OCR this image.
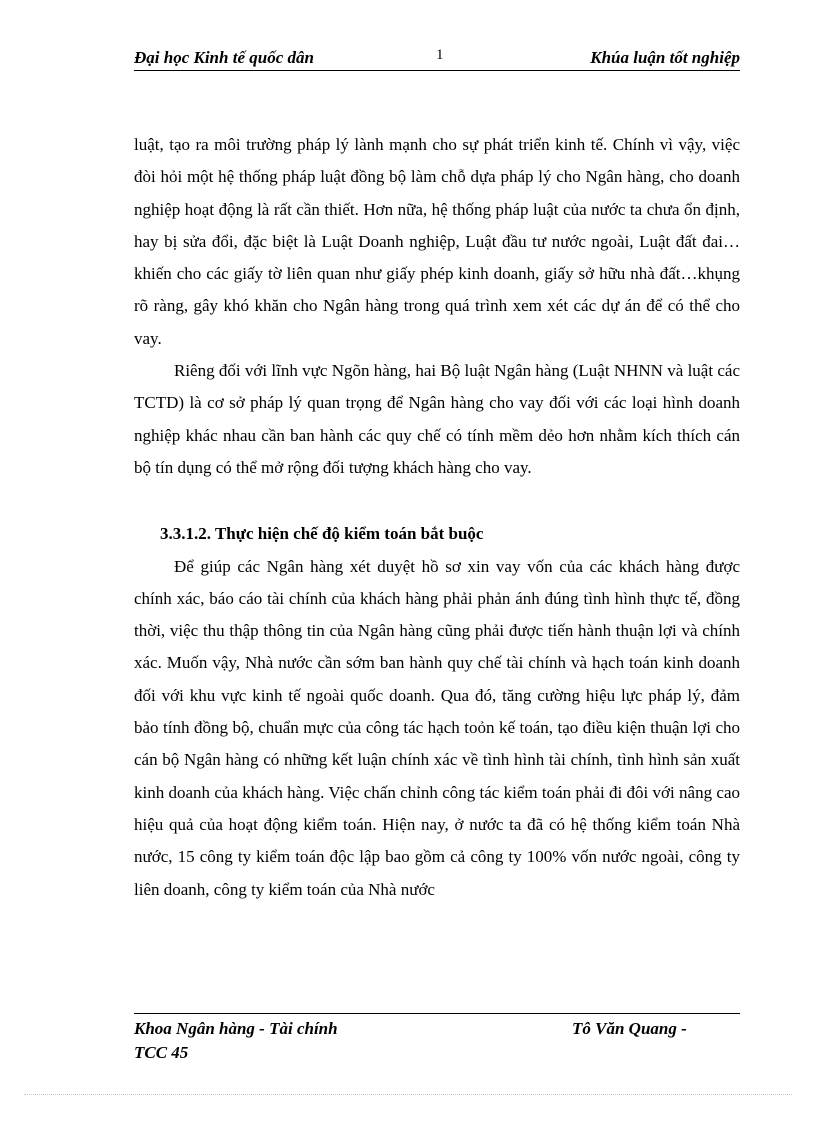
Đại học Kinh tế quốc dân	1	Khúa luận tốt nghiệp

luật, tạo ra môi trường pháp lý lành mạnh cho sự phát triển kinh tế. Chính vì vậy, việc đòi hỏi một hệ thống pháp luật đồng bộ làm chỗ dựa pháp lý cho Ngân hàng, cho doanh nghiệp hoạt động là rất cần thiết. Hơn nữa, hệ thống pháp luật của nước ta chưa ổn định, hay bị sửa đổi, đặc biệt là Luật Doanh nghiệp, Luật đầu tư nước ngoài, Luật đất đai… khiến cho các giấy tờ liên quan như giấy phép kinh doanh, giấy sở hữu nhà đất…khụng rõ ràng, gây khó khăn cho Ngân hàng trong quá trình xem xét các dự án để có thể cho vay.

Riêng đối với lĩnh vực Ngõn hàng, hai Bộ luật Ngân hàng (Luật NHNN và luật các TCTD) là cơ sở pháp lý quan trọng để Ngân hàng cho vay đối với các loại hình doanh nghiệp khác nhau cần ban hành các quy chế có tính mềm dẻo hơn nhằm kích thích cán bộ tín dụng có thể mở rộng đối tượng khách hàng cho vay.

3.3.1.2. Thực hiện chế độ kiểm toán bắt buộc

Để giúp các Ngân hàng xét duyệt hồ sơ xin vay vốn của các khách hàng được chính xác, báo cáo tài chính của khách hàng phải phản ánh đúng tình hình thực tế, đồng thời, việc thu thập thông tin của Ngân hàng cũng phải được tiến hành thuận lợi và chính xác. Muốn vậy, Nhà nước cần sớm ban hành quy chế tài chính và hạch toán kinh doanh đối với khu vực kinh tế ngoài quốc doanh. Qua đó, tăng cường hiệu lực pháp lý, đảm bảo tính đồng bộ, chuẩn mực của công tác hạch toỏn kế toán, tạo điều kiện thuận lợi cho cán bộ Ngân hàng có những kết luận chính xác về tình hình tài chính, tình hình sản xuất kinh doanh của khách hàng. Việc chấn chỉnh công tác kiểm toán phải đi đôi với nâng cao hiệu quả của hoạt động kiểm toán. Hiện nay, ở nước ta đã có hệ thống kiểm toán Nhà nước, 15 công ty kiểm toán độc lập bao gồm cả công ty 100% vốn nước ngoài, công ty liên doanh, công ty kiểm toán của Nhà nước

Khoa Ngân hàng - Tài chính	Tô Văn Quang -
TCC 45
